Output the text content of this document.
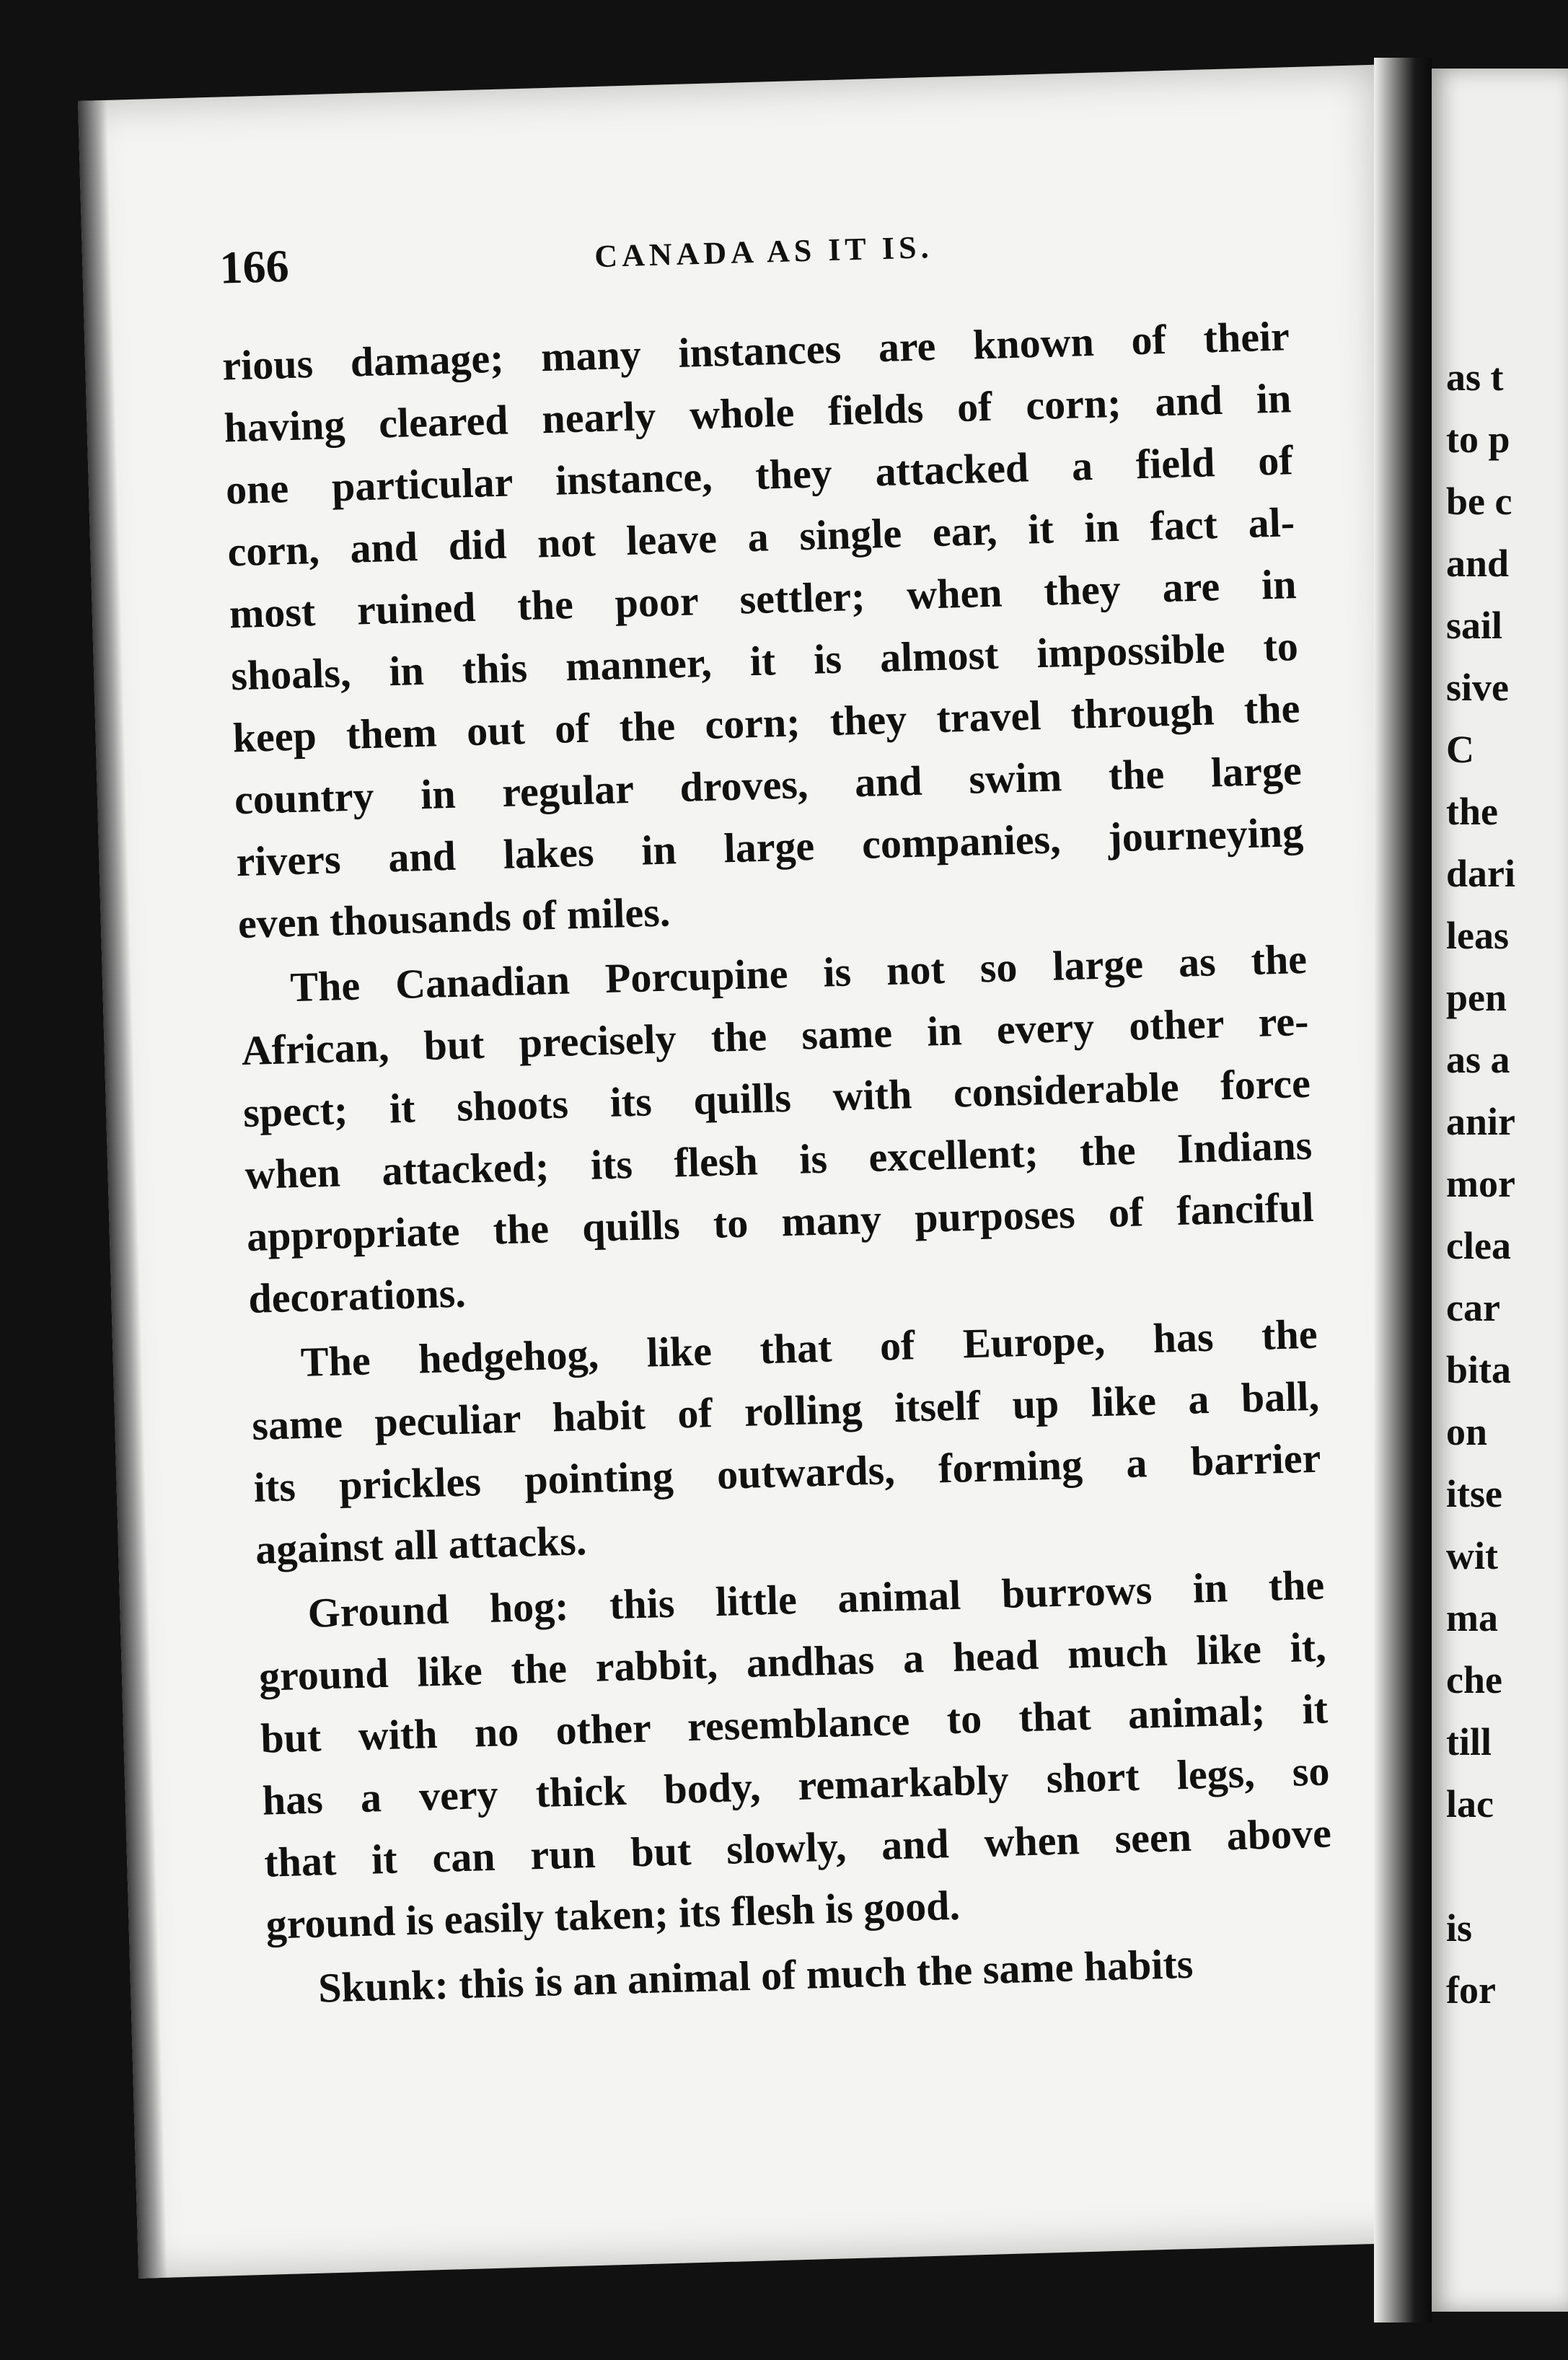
166	CANADA AS IT IS.
rious damage; many instances are known of their
having cleared nearly whole fields of corn; and in
one particular instance, they attacked a field of
corn, and did not leave a single ear, it in fact al-
most ruined the poor settler; when they are in
shoals, in this manner, it is almost impossible to
keep them out of the corn; they travel through the
country in regular droves, and swim the large
rivers and lakes in large companies, journeying
even thousands of miles.
The Canadian Porcupine is not so large as the
African, but precisely the same in every other re-
spect; it shoots its quills with considerable force
when attacked; its flesh is excellent; the Indians
appropriate the quills to many purposes of fanciful
decorations.
The hedgehog, like that of Europe, has the
same peculiar habit of rolling itself up like a ball,
its prickles pointing outwards, forming a barrier
against all attacks.
Ground hog: this little animal burrows in the
ground like the rabbit, andhas a head much like it,
but with no other resemblance to that animal; it
has a very thick body, remarkably short legs, so
that it can run but slowly, and when seen above
ground is easily taken; its flesh is good.
Skunk: this is an animal of much the same habits
as t
to p
be c
and
sail
sive
C
the
dari
leas
pen
as a
anir
mor
clea
car
bita
on
itse
wit
ma
che
till
lac
is
for
